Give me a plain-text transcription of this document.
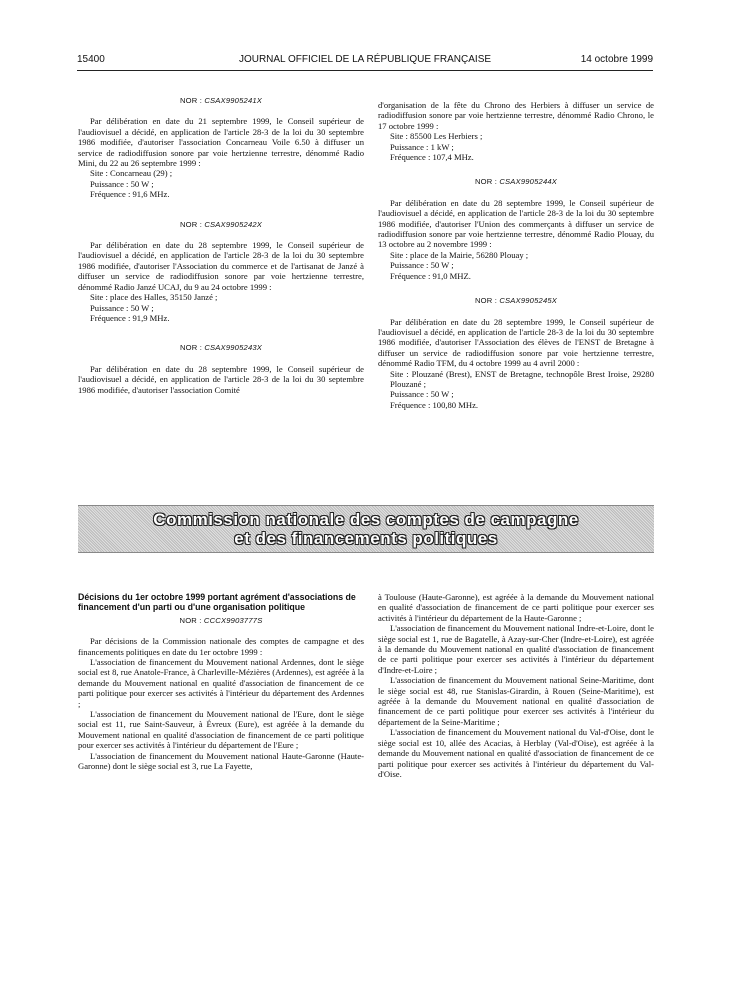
15400	JOURNAL OFFICIEL DE LA RÉPUBLIQUE FRANÇAISE	14 octobre 1999
NOR : CSAX9905241X

Par délibération en date du 21 septembre 1999, le Conseil supérieur de l'audiovisuel a décidé, en application de l'article 28-3 de la loi du 30 septembre 1986 modifiée, d'autoriser l'association Concarneau Voile 6.50 à diffuser un service de radiodiffusion sonore par voie hertzienne terrestre, dénommé Radio Mini, du 22 au 26 septembre 1999 :

Site : Concarneau (29) ;

Puissance : 50 W ;

Fréquence : 91,6 MHz.

NOR : CSAX9905242X

Par délibération en date du 28 septembre 1999, le Conseil supérieur de l'audiovisuel a décidé, en application de l'article 28-3 de la loi du 30 septembre 1986 modifiée, d'autoriser l'Association du commerce et de l'artisanat de Janzé à diffuser un service de radiodiffusion sonore par voie hertzienne terrestre, dénommé Radio Janzé UCAJ, du 9 au 24 octobre 1999 :

Site : place des Halles, 35150 Janzé ;

Puissance : 50 W ;

Fréquence : 91,9 MHz.

NOR : CSAX9905243X

Par délibération en date du 28 septembre 1999, le Conseil supérieur de l'audiovisuel a décidé, en application de l'article 28-3 de la loi du 30 septembre 1986 modifiée, d'autoriser l'association Comité

d'organisation de la fête du Chrono des Herbiers à diffuser un service de radiodiffusion sonore par voie hertzienne terrestre, dénommé Radio Chrono, le 17 octobre 1999 :

Site : 85500 Les Herbiers ;

Puissance : 1 kW ;

Fréquence : 107,4 MHz.

NOR : CSAX9905244X

Par délibération en date du 28 septembre 1999, le Conseil supérieur de l'audiovisuel a décidé, en application de l'article 28-3 de la loi du 30 septembre 1986 modifiée, d'autoriser l'Union des commerçants à diffuser un service de radiodiffusion sonore par voie hertzienne terrestre, dénommé Radio Plouay, du 13 octobre au 2 novembre 1999 :

Site : place de la Mairie, 56280 Plouay ;

Puissance : 50 W ;

Fréquence : 91,0 MHZ.

NOR : CSAX9905245X

Par délibération en date du 28 septembre 1999, le Conseil supérieur de l'audiovisuel a décidé, en application de l'article 28-3 de la loi du 30 septembre 1986 modifiée, d'autoriser l'Association des élèves de l'ENST de Bretagne à diffuser un service de radiodiffusion sonore par voie hertzienne terrestre, dénommé Radio TFM, du 4 octobre 1999 au 4 avril 2000 :

Site : Plouzané (Brest), ENST de Bretagne, technopôle Brest Iroise, 29280 Plouzané ;

Puissance : 50 W ;

Fréquence : 100,80 MHz.

Commission nationale des comptes de campagne
et des financements politiques
Décisions du 1er octobre 1999 portant agrément d'associations de financement d'un parti ou d'une organisation politique
NOR : CCCX9903777S

Par décisions de la Commission nationale des comptes de campagne et des financements politiques en date du 1er octobre 1999 :

L'association de financement du Mouvement national Ardennes, dont le siège social est 8, rue Anatole-France, à Charleville-Mézières (Ardennes), est agréée à la demande du Mouvement national en qualité d'association de financement de ce parti politique pour exercer ses activités à l'intérieur du département des Ardennes ;

L'association de financement du Mouvement national de l'Eure, dont le siège social est 11, rue Saint-Sauveur, à Évreux (Eure), est agréée à la demande du Mouvement national en qualité d'association de financement de ce parti politique pour exercer ses activités à l'intérieur du département de l'Eure ;

L'association de financement du Mouvement national Haute-Garonne (Haute-Garonne) dont le siège social est 3, rue La Fayette,

à Toulouse (Haute-Garonne), est agréée à la demande du Mouvement national en qualité d'association de financement de ce parti politique pour exercer ses activités à l'intérieur du département de la Haute-Garonne ;

L'association de financement du Mouvement national Indre-et-Loire, dont le siège social est 1, rue de Bagatelle, à Azay-sur-Cher (Indre-et-Loire), est agréée à la demande du Mouvement national en qualité d'association de financement de ce parti politique pour exercer ses activités à l'intérieur du département d'Indre-et-Loire ;

L'association de financement du Mouvement national Seine-Maritime, dont le siège social est 48, rue Stanislas-Girardin, à Rouen (Seine-Maritime), est agréée à la demande du Mouvement national en qualité d'association de financement de ce parti politique pour exercer ses activités à l'intérieur du département de la Seine-Maritime ;

L'association de financement du Mouvement national du Val-d'Oise, dont le siège social est 10, allée des Acacias, à Herblay (Val-d'Oise), est agréée à la demande du Mouvement national en qualité d'association de financement de ce parti politique pour exercer ses activités à l'intérieur du département du Val-d'Oise.
